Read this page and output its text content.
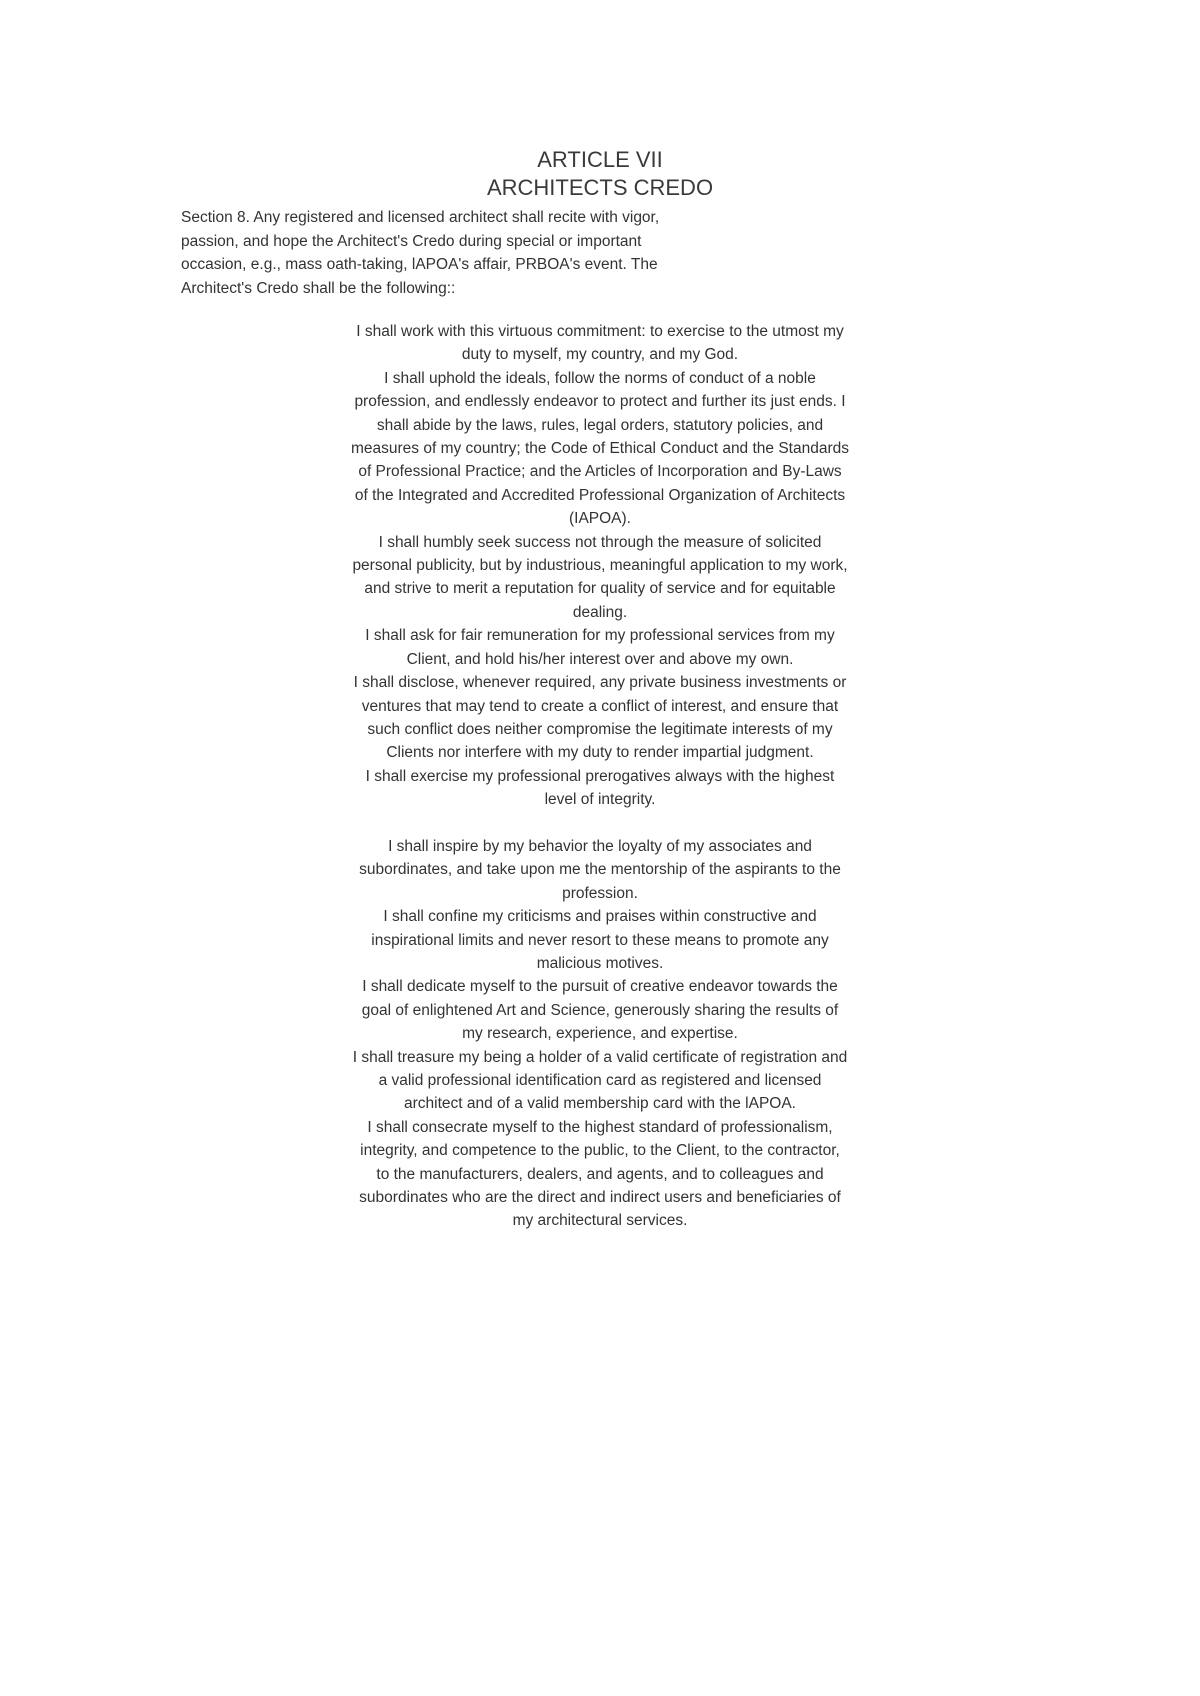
ARTICLE VII
ARCHITECTS CREDO
Section 8. Any registered and licensed architect shall recite with vigor,
passion, and hope the Architect's Credo during special or important
occasion, e.g., mass oath-taking, lAPOA's affair, PRBOA's event. The
Architect's Credo shall be the following::
I shall work with this virtuous commitment: to exercise to the utmost my
duty to myself, my country, and my God.
I shall uphold the ideals, follow the norms of conduct of a noble
profession, and endlessly endeavor to protect and further its just ends. I
shall abide by the laws, rules, legal orders, statutory policies, and
measures of my country; the Code of Ethical Conduct and the Standards
of Professional Practice; and the Articles of Incorporation and By-Laws
of the Integrated and Accredited Professional Organization of Architects
(IAPOA).
I shall humbly seek success not through the measure of solicited
personal publicity, but by industrious, meaningful application to my work,
and strive to merit a reputation for quality of service and for equitable
dealing.
I shall ask for fair remuneration for my professional services from my
Client, and hold his/her interest over and above my own.
I shall disclose, whenever required, any private business investments or
ventures that may tend to create a conflict of interest, and ensure that
such conflict does neither compromise the legitimate interests of my
Clients nor interfere with my duty to render impartial judgment.
I shall exercise my professional prerogatives always with the highest
level of integrity.
I shall inspire by my behavior the loyalty of my associates and
subordinates, and take upon me the mentorship of the aspirants to the
profession.
I shall confine my criticisms and praises within constructive and
inspirational limits and never resort to these means to promote any
malicious motives.
I shall dedicate myself to the pursuit of creative endeavor towards the
goal of enlightened Art and Science, generously sharing the results of
my research, experience, and expertise.
I shall treasure my being a holder of a valid certificate of registration and
a valid professional identification card as registered and licensed
architect and of a valid membership card with the lAPOA.
I shall consecrate myself to the highest standard of professionalism,
integrity, and competence to the public, to the Client, to the contractor,
to the manufacturers, dealers, and agents, and to colleagues and
subordinates who are the direct and indirect users and beneficiaries of
my architectural services.
